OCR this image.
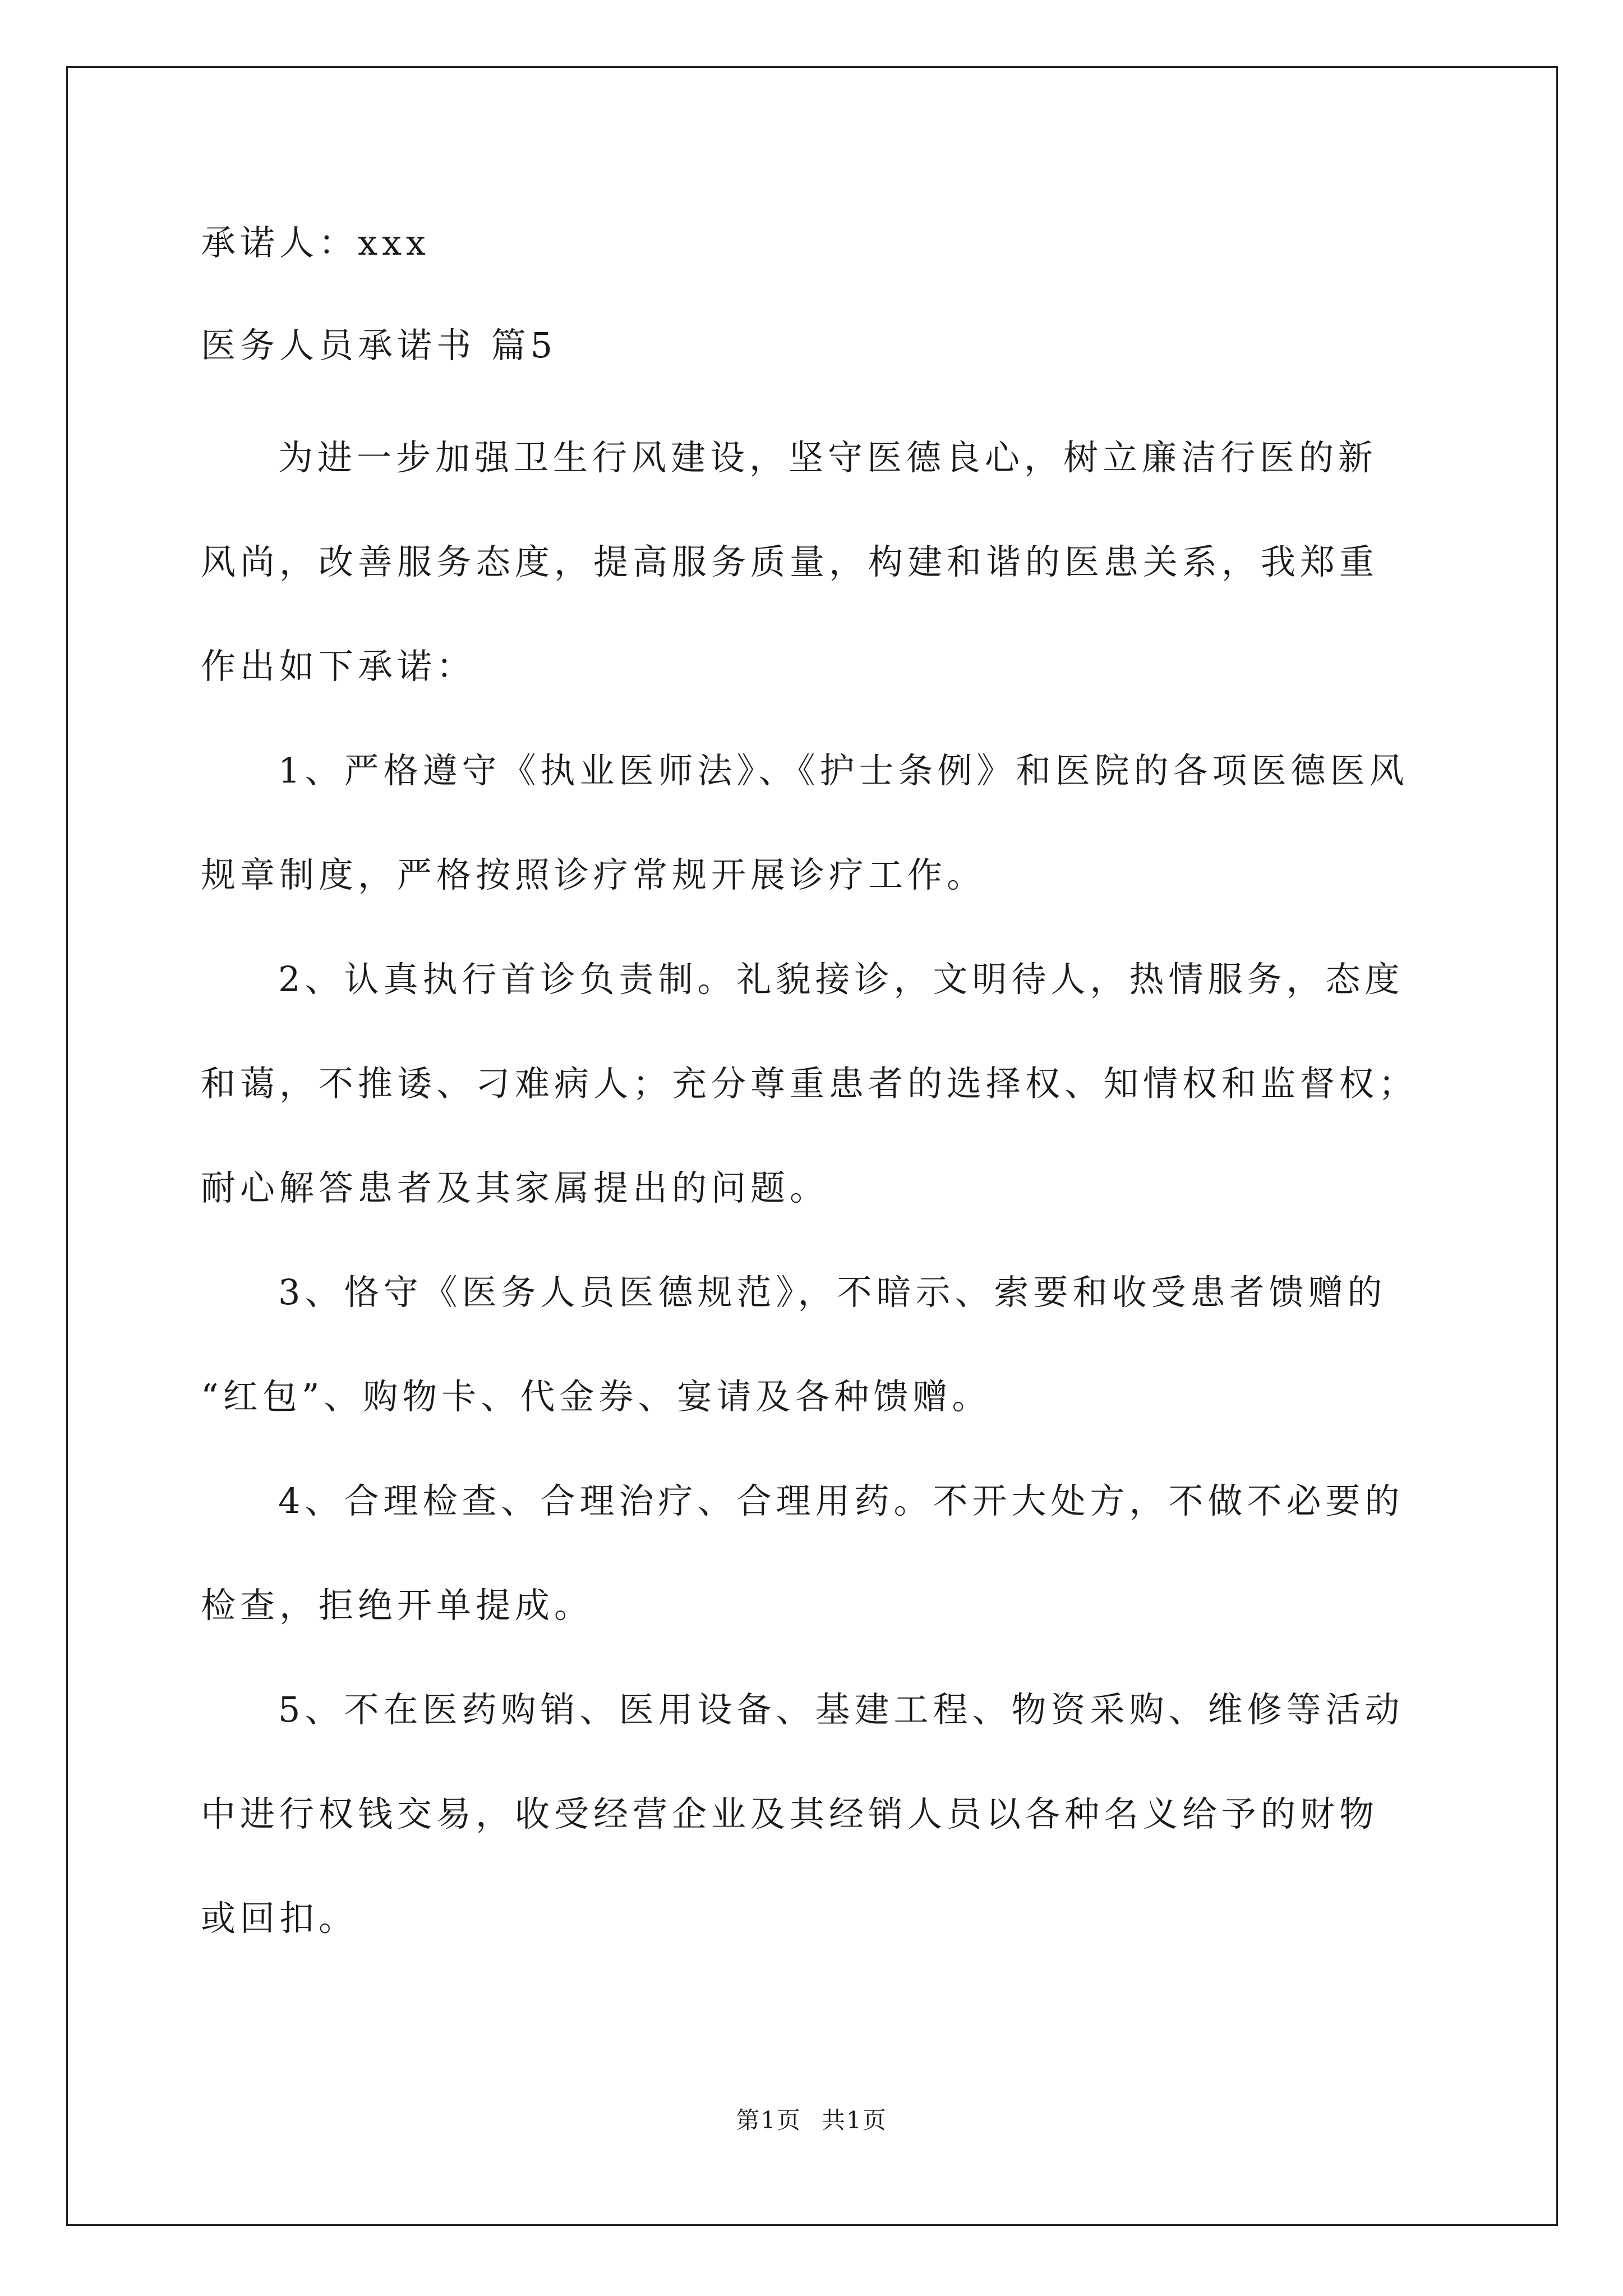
承诺人：xxx

医务人员承诺书 篇5

为进一步加强卫生行风建设，坚守医德良心，树立廉洁行医的新
风尚，改善服务态度，提高服务质量，构建和谐的医患关系，我郑重
作出如下承诺：
1、严格遵守《执业医师法》、《护士条例》和医院的各项医德医风
规章制度，严格按照诊疗常规开展诊疗工作。
2、认真执行首诊负责制。礼貌接诊，文明待人，热情服务，态度
和蔼，不推诿、刁难病人；充分尊重患者的选择权、知情权和监督权；
耐心解答患者及其家属提出的问题。
3、恪守《医务人员医德规范》，不暗示、索要和收受患者馈赠的
“红包”、购物卡、代金券、宴请及各种馈赠。
4、合理检查、合理治疗、合理用药。不开大处方，不做不必要的
检查，拒绝开单提成。
5、不在医药购销、医用设备、基建工程、物资采购、维修等活动
中进行权钱交易，收受经营企业及其经销人员以各种名义给予的财物
或回扣。
第1页 共1页
